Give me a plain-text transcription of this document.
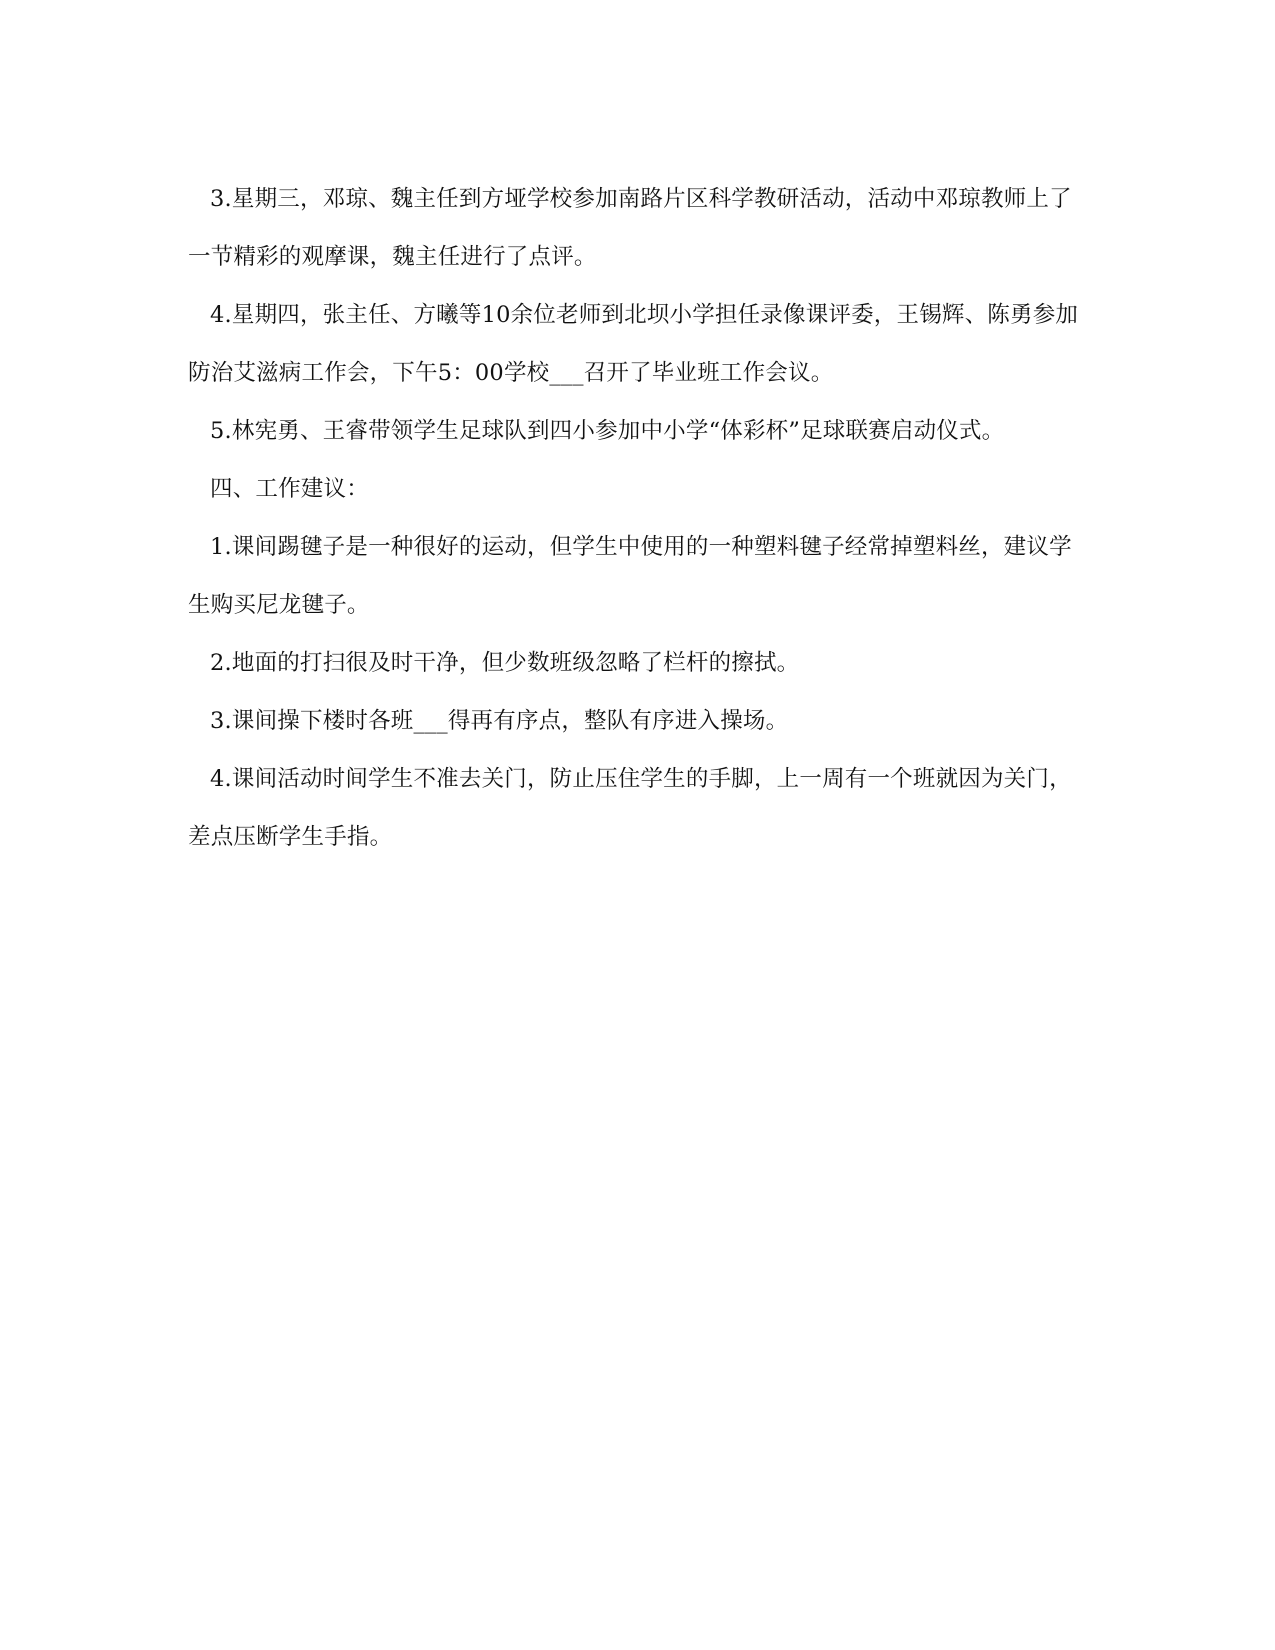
3.星期三，邓琼、魏主任到方垭学校参加南路片区科学教研活动，活动中邓琼教师上了一节精彩的观摩课，魏主任进行了点评。

4.星期四，张主任、方曦等10余位老师到北坝小学担任录像课评委，王锡辉、陈勇参加防治艾滋病工作会，下午5：00学校___召开了毕业班工作会议。

5.林宪勇、王睿带领学生足球队到四小参加中小学“体彩杯”足球联赛启动仪式。

四、工作建议：

1.课间踢毽子是一种很好的运动，但学生中使用的一种塑料毽子经常掉塑料丝，建议学生购买尼龙毽子。

2.地面的打扫很及时干净，但少数班级忽略了栏杆的擦拭。

3.课间操下楼时各班___得再有序点，整队有序进入操场。

4.课间活动时间学生不准去关门，防止压住学生的手脚，上一周有一个班就因为关门，差点压断学生手指。
